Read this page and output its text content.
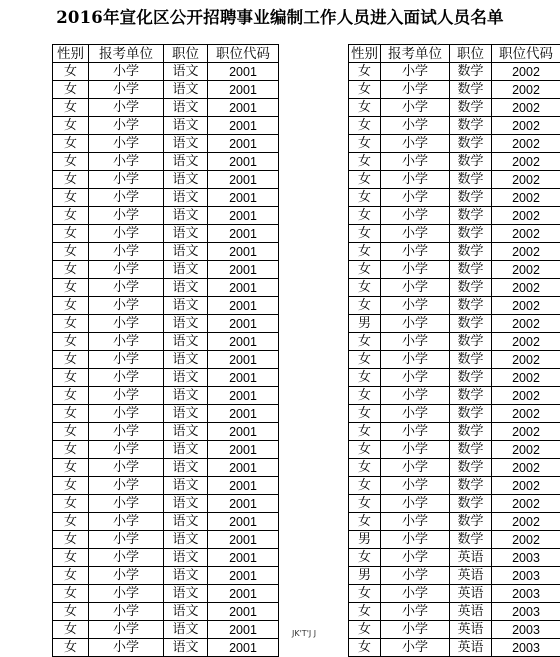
2016年宣化区公开招聘事业编制工作人员进入面试人员名单
性别	报考单位	职位	职位代码
女	小学	语文	2001
女	小学	语文	2001
女	小学	语文	2001
女	小学	语文	2001
女	小学	语文	2001
女	小学	语文	2001
女	小学	语文	2001
女	小学	语文	2001
女	小学	语文	2001
女	小学	语文	2001
女	小学	语文	2001
女	小学	语文	2001
女	小学	语文	2001
女	小学	语文	2001
女	小学	语文	2001
女	小学	语文	2001
女	小学	语文	2001
女	小学	语文	2001
女	小学	语文	2001
女	小学	语文	2001
女	小学	语文	2001
女	小学	语文	2001
女	小学	语文	2001
女	小学	语文	2001
女	小学	语文	2001
女	小学	语文	2001
女	小学	语文	2001
女	小学	语文	2001
女	小学	语文	2001
女	小学	语文	2001
女	小学	语文	2001
女	小学	语文	2001
女	小学	语文	2001
性别	报考单位	职位	职位代码
女	小学	数学	2002
女	小学	数学	2002
女	小学	数学	2002
女	小学	数学	2002
女	小学	数学	2002
女	小学	数学	2002
女	小学	数学	2002
女	小学	数学	2002
女	小学	数学	2002
女	小学	数学	2002
女	小学	数学	2002
女	小学	数学	2002
女	小学	数学	2002
女	小学	数学	2002
男	小学	数学	2002
女	小学	数学	2002
女	小学	数学	2002
女	小学	数学	2002
女	小学	数学	2002
女	小学	数学	2002
女	小学	数学	2002
女	小学	数学	2002
女	小学	数学	2002
女	小学	数学	2002
女	小学	数学	2002
女	小学	数学	2002
男	小学	数学	2002
女	小学	英语	2003
男	小学	英语	2003
女	小学	英语	2003
女	小学	英语	2003
女	小学	英语	2003
女	小学	英语	2003
JK'T'J J
